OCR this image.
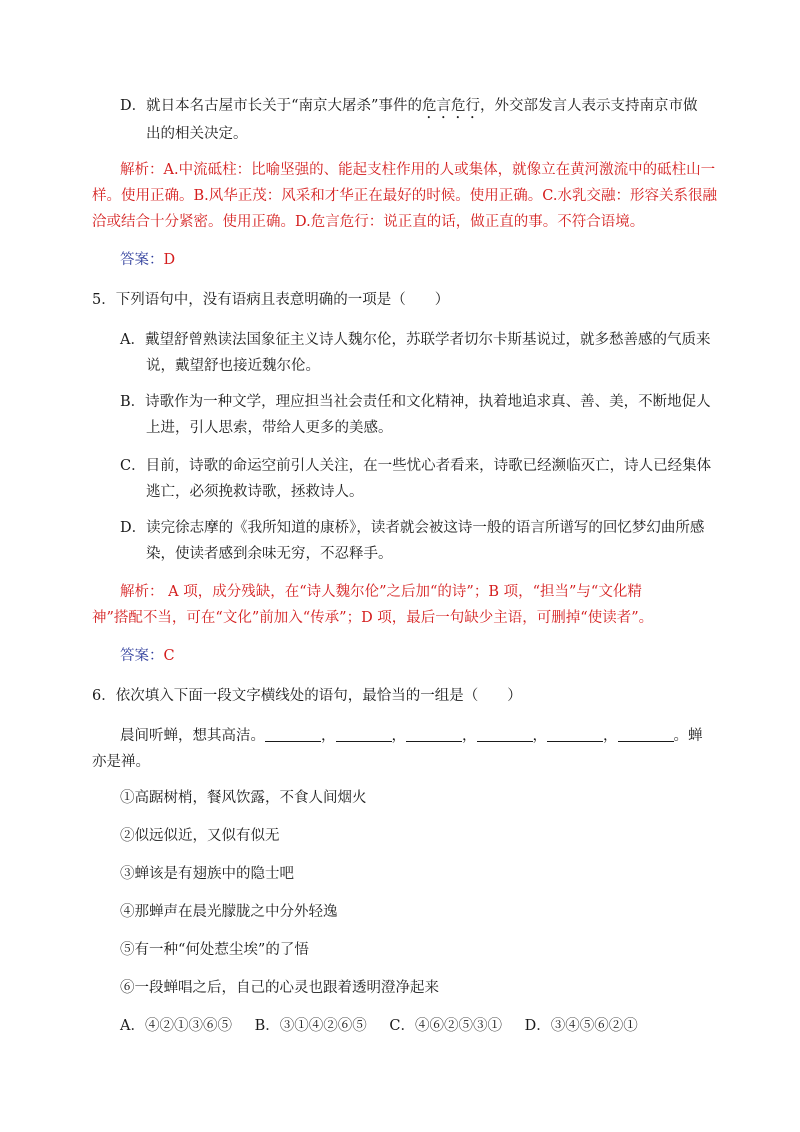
D．就日本名古屋市长关于“南京大屠杀”事件的危言危行，外交部发言人表示支持南京市做
出的相关决定。
解析：A.中流砥柱：比喻坚强的、能起支柱作用的人或集体，就像立在黄河激流中的砥柱山一
样。使用正确。B.风华正茂：风采和才华正在最好的时候。使用正确。C.水乳交融：形容关系很融
洽或结合十分紧密。使用正确。D.危言危行：说正直的话，做正直的事。不符合语境。
答案：D
5．下列语句中，没有语病且表意明确的一项是（　　）
A．戴望舒曾熟读法国象征主义诗人魏尔伦，苏联学者切尔卡斯基说过，就多愁善感的气质来
说，戴望舒也接近魏尔伦。
B．诗歌作为一种文学，理应担当社会责任和文化精神，执着地追求真、善、美，不断地促人
上进，引人思索，带给人更多的美感。
C．目前，诗歌的命运空前引人关注，在一些忧心者看来，诗歌已经濒临灭亡，诗人已经集体
逃亡，必须挽救诗歌，拯救诗人。
D．读完徐志摩的《我所知道的康桥》，读者就会被这诗一般的语言所谱写的回忆梦幻曲所感
染，使读者感到余味无穷，不忍释手。
解析： A 项，成分残缺，在“诗人魏尔伦”之后加“的诗”；B 项，“担当”与“文化精
神”搭配不当，可在“文化”前加入“传承”；D 项，最后一句缺少主语，可删掉“使读者”。
答案：C
6．依次填入下面一段文字横线处的语句，最恰当的一组是（　　）
晨间听蝉，想其高洁。	，	，	，	，	，	。蝉
亦是禅。
①高踞树梢，餐风饮露，不食人间烟火
②似远似近，又似有似无
③蝉该是有翅族中的隐士吧
④那蝉声在晨光朦胧之中分外轻逸
⑤有一种“何处惹尘埃”的了悟
⑥一段蝉唱之后，自己的心灵也跟着透明澄净起来
A．④②①③⑥⑤ B．③①④②⑥⑤ C．④⑥②⑤③① D．③④⑤⑥②①
